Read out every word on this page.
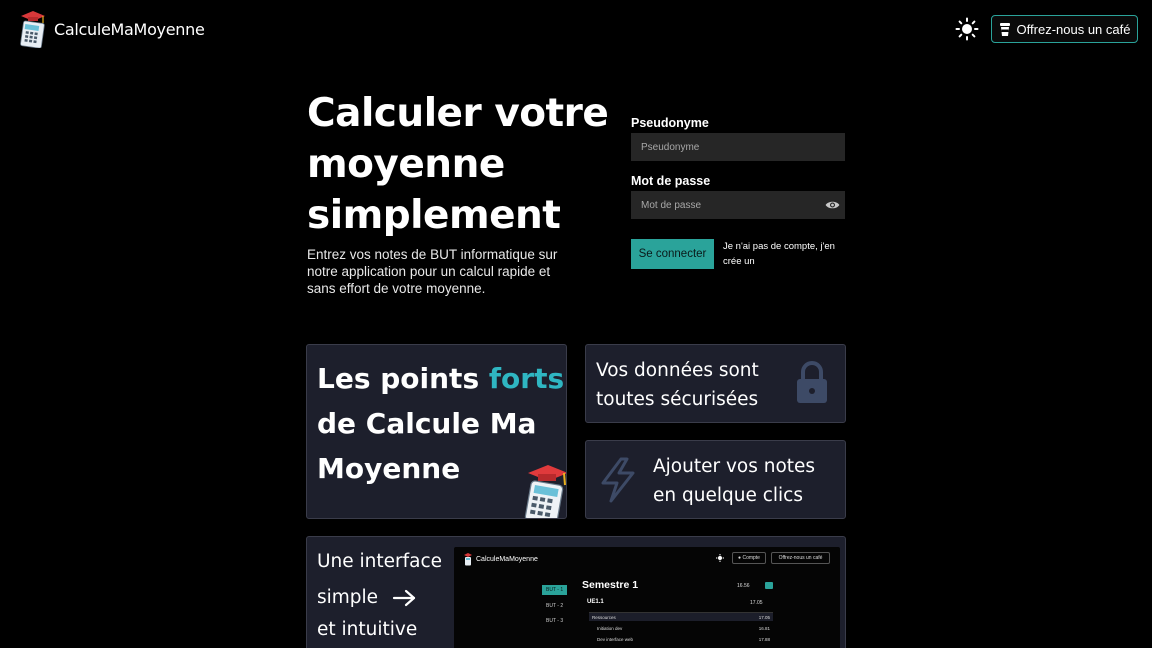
CalculeMaMoyenne	Offrez-nous un café
Calculer votre
moyenne
simplement

Entrez vos notes de BUT informatique sur notre application pour un calcul rapide et sans effort de votre moyenne.

Pseudonyme
Pseudonyme
Mot de passe
Se connecter
Je n'ai pas de compte, j'en crée un
Les points forts
de Calcule Ma Moyenne
Vos données sont toutes sécurisées
Ajouter vos notes en quelque clics
Une interface
simple
et intuitive
CalculeMaMoyenne	● Compte	Offrez-nous un café
BUT - 1
BUT - 2
BUT - 3
Semestre 1	16.56
UE1.1	17.05
Ressources	17.05
Initiation dev	16.81
Dev interface web	17.88
